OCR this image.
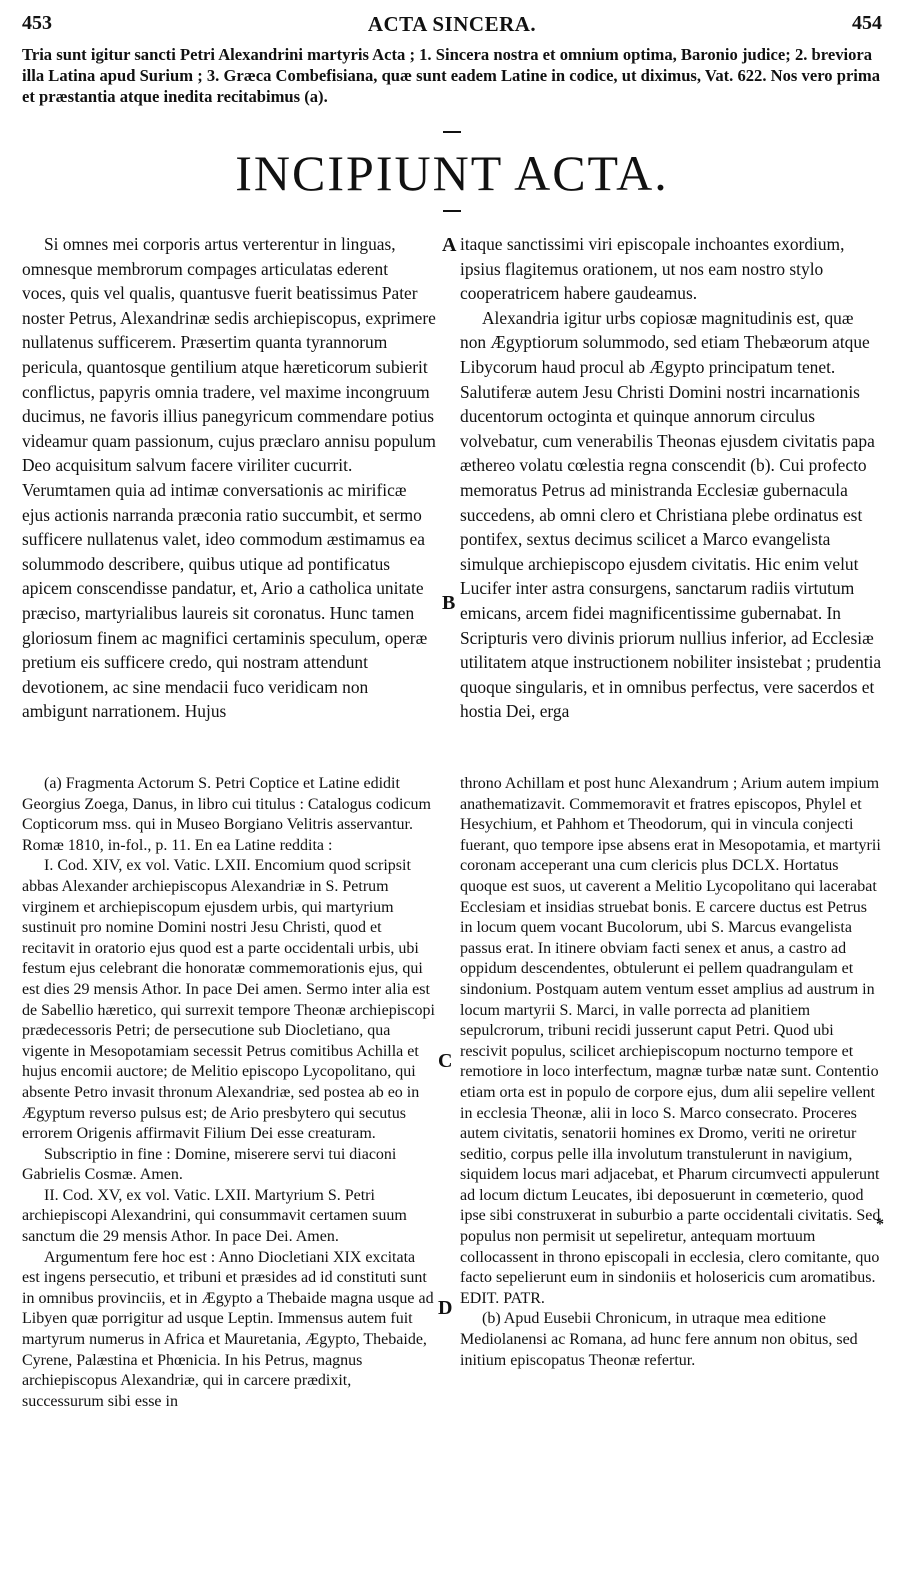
453	ACTA SINCERA.	454
Tria sunt igitur sancti Petri Alexandrini martyris Acta ; 1. Sincera nostra et omnium optima, Baronio judice; 2. breviora illa Latina apud Surium ; 3. Græca Combefisiana, quæ sunt eadem Latine in codice, ut diximus, Vat. 622. Nos vero prima et præstantia atque inedita recitabimus (a).
INCIPIUNT ACTA.

Si omnes mei corporis artus verterentur in linguas, omnesque membrorum compages articulatas ederent voces, quis vel qualis, quantusve fuerit beatissimus Pater noster Petrus, Alexandrinæ sedis archiepiscopus, exprimere nullatenus sufficerem. Præsertim quanta tyrannorum pericula, quantosque gentilium atque hæreticorum subierit conflictus, papyris omnia tradere, vel maxime incongruum ducimus, ne favoris illius panegyricum commendare potius videamur quam passionum, cujus præclaro annisu populum Deo acquisitum salvum facere viriliter cucurrit. Verumtamen quia ad intimæ conversationis ac mirificæ ejus actionis narranda præconia ratio succumbit, et sermo sufficere nullatenus valet, ideo commodum æstimamus ea solummodo describere, quibus utique ad pontificatus apicem conscendisse pandatur, et, Ario a catholica unitate præciso, martyrialibus laureis sit coronatus. Hunc tamen gloriosum finem ac magnifici certaminis speculum, operæ pretium eis sufficere credo, qui nostram attendunt devotionem, ac sine mendacii fuco veridicam non ambigunt narrationem. Hujus

itaque sanctissimi viri episcopale inchoantes exordium, ipsius flagitemus orationem, ut nos eam nostro stylo cooperatricem habere gaudeamus.

Alexandria igitur urbs copiosæ magnitudinis est, quæ non Ægyptiorum solummodo, sed etiam Thebæorum atque Libycorum haud procul ab Ægypto principatum tenet. Salutiferæ autem Jesu Christi Domini nostri incarnationis ducentorum octoginta et quinque annorum circulus volvebatur, cum venerabilis Theonas ejusdem civitatis papa æthereo volatu cœlestia regna conscendit (b). Cui profecto memoratus Petrus ad ministranda Ecclesiæ gubernacula succedens, ab omni clero et Christiana plebe ordinatus est pontifex, sextus decimus scilicet a Marco evangelista simulque archiepiscopo ejusdem civitatis. Hic enim velut Lucifer inter astra consurgens, sanctarum radiis virtutum emicans, arcem fidei magnificentissime gubernabat. In Scripturis vero divinis priorum nullius inferior, ad Ecclesiæ utilitatem atque instructionem nobiliter insistebat ; prudentia quoque singularis, et in omnibus perfectus, vere sacerdos et hostia Dei, erga

A
B
C
D
*

(a) Fragmenta Actorum S. Petri Coptice et Latine edidit Georgius Zoega, Danus, in libro cui titulus : Catalogus codicum Copticorum mss. qui in Museo Borgiano Velitris asservantur. Romæ 1810, in-fol., p. 11. En ea Latine reddita :

I. Cod. XIV, ex vol. Vatic. LXII. Encomium quod scripsit abbas Alexander archiepiscopus Alexandriæ in S. Petrum virginem et archiepiscopum ejusdem urbis, qui martyrium sustinuit pro nomine Domini nostri Jesu Christi, quod et recitavit in oratorio ejus quod est a parte occidentali urbis, ubi festum ejus celebrant die honoratæ commemorationis ejus, qui est dies 29 mensis Athor. In pace Dei amen. Sermo inter alia est de Sabellio hæretico, qui surrexit tempore Theonæ archiepiscopi prædecessoris Petri; de persecutione sub Diocletiano, qua vigente in Mesopotamiam secessit Petrus comitibus Achilla et hujus encomii auctore; de Melitio episcopo Lycopolitano, qui absente Petro invasit thronum Alexandriæ, sed postea ab eo in Ægyptum reverso pulsus est; de Ario presbytero qui secutus errorem Origenis affirmavit Filium Dei esse creaturam.

Subscriptio in fine : Domine, miserere servi tui diaconi Gabrielis Cosmæ. Amen.

II. Cod. XV, ex vol. Vatic. LXII. Martyrium S. Petri archiepiscopi Alexandrini, qui consummavit certamen suum sanctum die 29 mensis Athor. In pace Dei. Amen.

Argumentum fere hoc est : Anno Diocletiani XIX excitata est ingens persecutio, et tribuni et præsides ad id constituti sunt in omnibus provinciis, et in Ægypto a Thebaide magna usque ad Libyen quæ porrigitur ad usque Leptin. Immensus autem fuit martyrum numerus in Africa et Mauretania, Ægypto, Thebaide, Cyrene, Palæstina et Phœnicia. In his Petrus, magnus archiepiscopus Alexandriæ, qui in carcere prædixit, successurum sibi esse in

throno Achillam et post hunc Alexandrum ; Arium autem impium anathematizavit. Commemoravit et fratres episcopos, Phylel et Hesychium, et Pahhom et Theodorum, qui in vincula conjecti fuerant, quo tempore ipse absens erat in Mesopotamia, et martyrii coronam acceperant una cum clericis plus DCLX. Hortatus quoque est suos, ut caverent a Melitio Lycopolitano qui lacerabat Ecclesiam et insidias struebat bonis. E carcere ductus est Petrus in locum quem vocant Bucolorum, ubi S. Marcus evangelista passus erat. In itinere obviam facti senex et anus, a castro ad oppidum descendentes, obtulerunt ei pellem quadrangulam et sindonium. Postquam autem ventum esset amplius ad austrum in locum martyrii S. Marci, in valle porrecta ad planitiem sepulcrorum, tribuni recidi jusserunt caput Petri. Quod ubi rescivit populus, scilicet archiepiscopum nocturno tempore et remotiore in loco interfectum, magnæ turbæ natæ sunt. Contentio etiam orta est in populo de corpore ejus, dum alii sepelire vellent in ecclesia Theonæ, alii in loco S. Marco consecrato. Proceres autem civitatis, senatorii homines ex Dromo, veriti ne oriretur seditio, corpus pelle illa involutum transtulerunt in navigium, siquidem locus mari adjacebat, et Pharum circumvecti appulerunt ad locum dictum Leucates, ibi deposuerunt in cœmeterio, quod ipse sibi construxerat in suburbio a parte occidentali civitatis. Sed populus non permisit ut sepeliretur, antequam mortuum collocassent in throno episcopali in ecclesia, clero comitante, quo facto sepelierunt eum in sindoniis et holosericis cum aromatibus. EDIT. PATR.

(b) Apud Eusebii Chronicum, in utraque mea editione Mediolanensi ac Romana, ad hunc fere annum non obitus, sed initium episcopatus Theonæ refertur.
